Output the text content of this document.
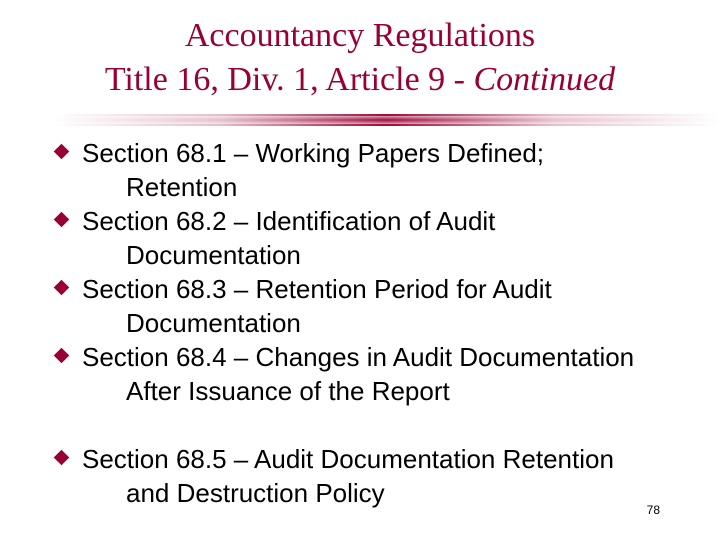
Accountancy Regulations
Title 16, Div. 1, Article 9 - Continued
Section 68.1 – Working Papers Defined; Retention
Section 68.2 – Identification of Audit Documentation
Section 68.3 – Retention Period for Audit Documentation
Section 68.4 – Changes in Audit Documentation After Issuance of the Report
Section 68.5 – Audit Documentation Retention and Destruction Policy
78
